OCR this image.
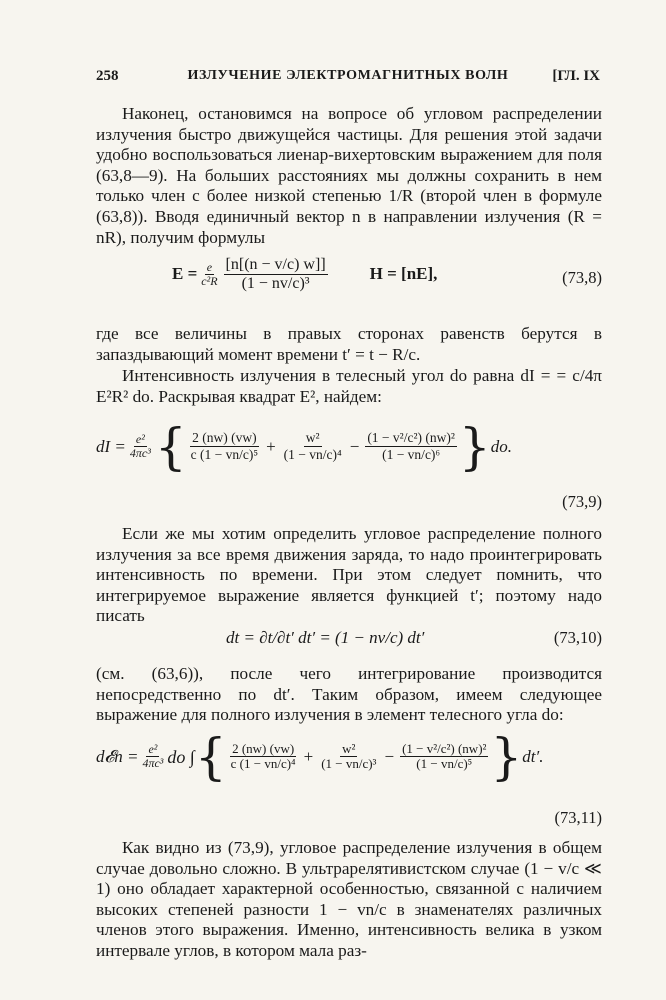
258	ИЗЛУЧЕНИЕ ЭЛЕКТРОМАГНИТНЫХ ВОЛН	[ГЛ. IX

Наконец, остановимся на вопросе об угловом распределении излучения быстро движущейся частицы. Для решения этой задачи удобно воспользоваться лиенар-вихертовским выражением для поля (63,8—9). На больших расстояниях мы должны сохранить в нем только член с более низкой степенью 1/R (второй член в формуле (63,8)). Вводя единичный вектор n в направлении излучения (R = nR), получим формулы

$E = \frac{e}{\text{c²R}} \frac{[n[(n - v/c) w]]}{\text{(1 − nv/c)³}}$ H = [nE],	(73,8)

где все величины в правых сторонах равенств берутся в запаздывающий момент времени t′ = t − R/c.

Интенсивность излучения в телесный угол do равна dI = = c/4π E²R² do. Раскрывая квадрат E², найдем:

dI = $\frac{\text{e²}}{\text{4πc³}}$ { $\frac{2 (nw) (vw)}{\text{c (1 − vn/c)⁵}} + \frac{\text{w²}}{\text{(1 − vn/c)⁴}} - \frac{\text{(1 − v²/c²) (nw)²}}{\text{(1 − vn/c)⁶}}$ } do.
(73,9)

Если же мы хотим определить угловое распределение полного излучения за все время движения заряда, то надо проинтегрировать интенсивность по времени. При этом следует помнить, что интегрируемое выражение является функцией t′; поэтому надо писать

dt = ∂t/∂t′ dt′ = (1 − nv/c) dt′	(73,10)

(см. (63,6)), после чего интегрирование производится непосредственно по dt′. Таким образом, имеем следующее выражение для полного излучения в элемент телесного угла do:

d𝓔n = $\frac{\text{e²}}{\text{4πc³}}$ do ∫ { $\frac{2 (nw) (vw)}{\text{c (1 − vn/c)⁴}} + \frac{\text{w²}}{\text{(1 − vn/c)³}} - \frac{\text{(1 − v²/c²) (nw)²}}{\text{(1 − vn/c)⁵}}$ } dt′.
(73,11)

Как видно из (73,9), угловое распределение излучения в общем случае довольно сложно. В ультрарелятивистском случае (1 − v/c ≪ 1) оно обладает характерной особенностью, связанной с наличием высоких степеней разности 1 − vn/c в знаменателях различных членов этого выражения. Именно, интенсивность велика в узком интервале углов, в котором мала раз-
